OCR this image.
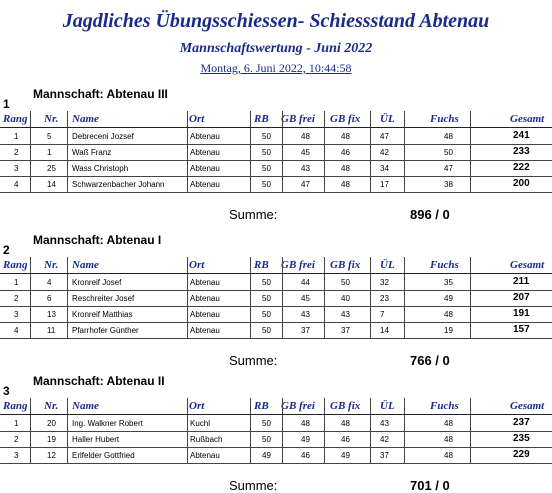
Jagdliches Übungsschiessen- Schiessstand Abtenau
Mannschaftswertung - Juni 2022
Montag, 6. Juni 2022, 10:44:58
Mannschaft: Abtenau III
1
Rang Nr. Name	Ort	RB GB frei GB fix ÜL	Fuchs	Gesamt
1	5	Debreceni Jozsef	Abtenau	50	48	48	47	48	241
2	1	Waß Franz	Abtenau	50	45	46	42	50	233
3	25 Wass Christoph	Abtenau	50	43	48	34	47	222
4	14 Schwarzenbacher Johann	Abtenau	50	47	48	17	38	200
Summe:	896 / 0
Mannschaft: Abtenau I
2
Rang Nr. Name	Ort	RB GB frei GB fix ÜL	Fuchs	Gesamt
1	4	Kronreif Josef	Abtenau	50	44	50	32	35	211
2	6	Reschreiter Josef	Abtenau	50	45	40	23	49	207
3	13 Kronreif Matthias	Abtenau	50	43	43	7	48	191
4	11 Pfarrhofer Günther	Abtenau	50	37	37	14	19	157
Summe:	766 / 0
Mannschaft: Abtenau II
3
Rang Nr. Name	Ort	RB GB frei GB fix ÜL	Fuchs	Gesamt
1	20 Ing. Walkner Robert	Kuchl	50	48	48	43	48	237
2	19 Haller Hubert	Rußbach	50	49	46	42	48	235
3	12 Erlfelder Gottfried	Abtenau	49	46	49	37	48	229
Summe:	701 / 0
